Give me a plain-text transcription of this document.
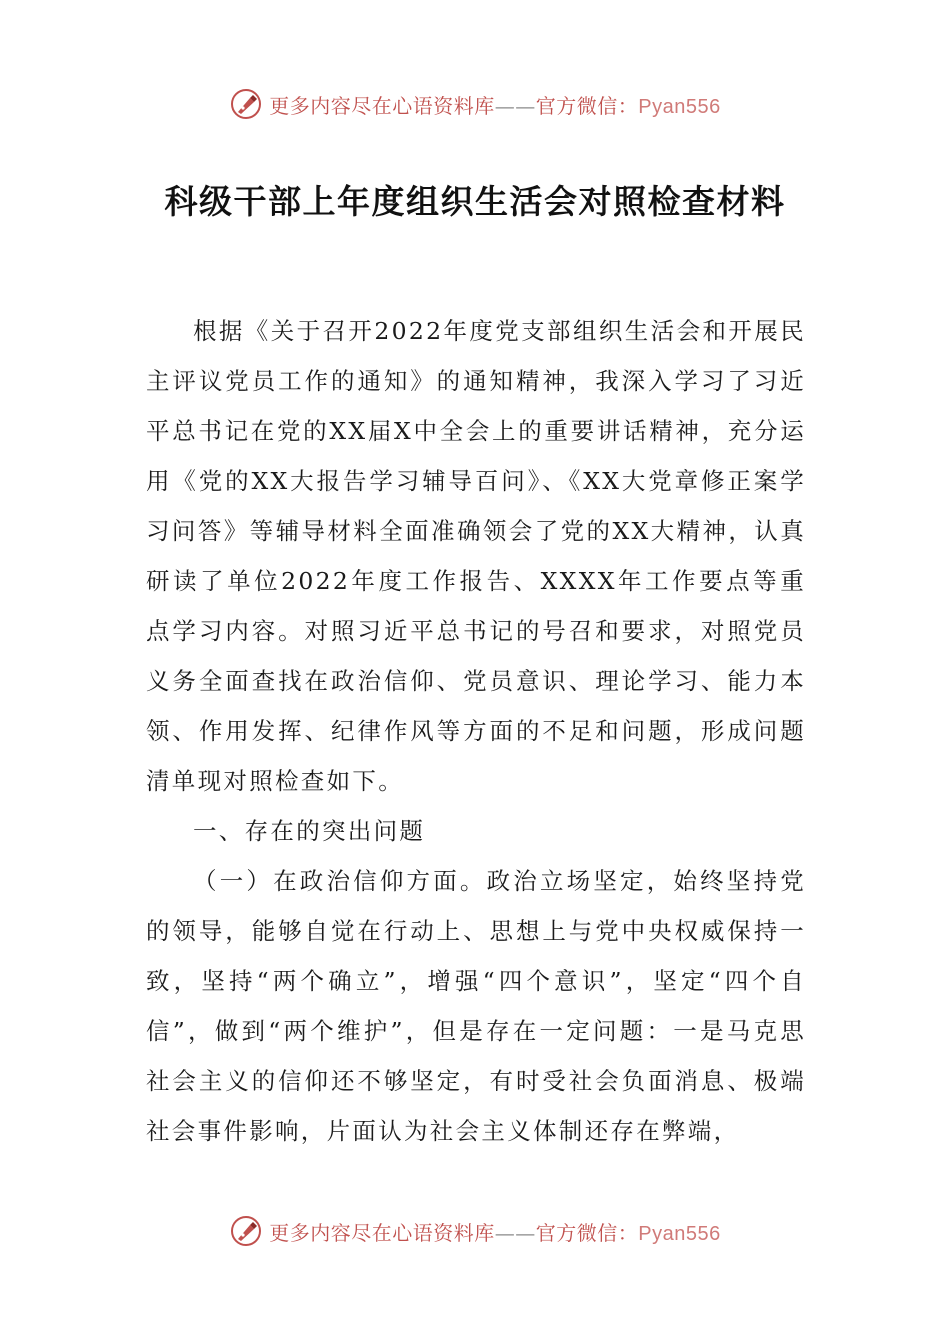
更多内容尽在心语资料库——官方微信：Pyan556
科级干部上年度组织生活会对照检查材料

根据《关于召开2022年度党支部组织生活会和开展民主评议党员工作的通知》的通知精神，我深入学习了习近平总书记在党的XX届X中全会上的重要讲话精神，充分运用《党的XX大报告学习辅导百问》、《XX大党章修正案学习问答》等辅导材料全面准确领会了党的XX大精神，认真研读了单位2022年度工作报告、XXXX年工作要点等重点学习内容。对照习近平总书记的号召和要求，对照党员义务全面查找在政治信仰、党员意识、理论学习、能力本领、作用发挥、纪律作风等方面的不足和问题，形成问题清单现对照检查如下。

一、存在的突出问题

（一）在政治信仰方面。政治立场坚定，始终坚持党的领导，能够自觉在行动上、思想上与党中央权威保持一致，坚持“两个确立”，增强“四个意识”，坚定“四个自信”，做到“两个维护”，但是存在一定问题：一是马克思社会主义的信仰还不够坚定，有时受社会负面消息、极端社会事件影响，片面认为社会主义体制还存在弊端，

更多内容尽在心语资料库——官方微信：Pyan556
